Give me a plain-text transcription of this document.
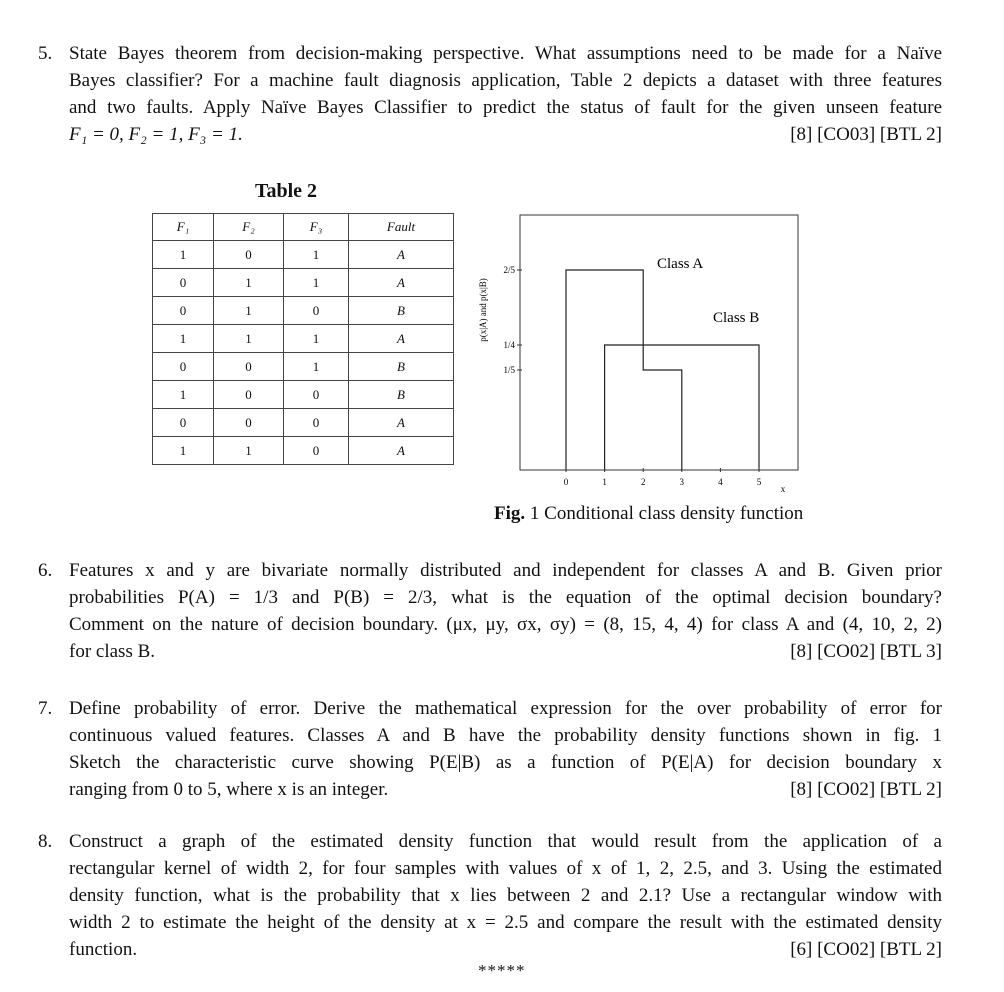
5. State Bayes theorem from decision-making perspective. What assumptions need to be made for a Naïve
Bayes classifier? For a machine fault diagnosis application, Table 2 depicts a dataset with three features
and two faults. Apply Naïve Bayes Classifier to predict the status of fault for the given unseen feature
F₁ = 0, F₂ = 1, F₃ = 1.	[8] [CO03] [BTL 2]
Table 2
F₁	F₂	F₃	Fault
1	0	1	A
0	1	1	A
0	1	0	B
1	1	1	A
0	0	1	B
1	0	0	B
0	0	0	A
1	1	0	A
2/5
1/4
1/5
0	1	2	3	4	5
x
p(x|A) and p(x|B)
Class A
Class B
Fig. 1 Conditional class density function
6. Features x and y are bivariate normally distributed and independent for classes A and B. Given prior
probabilities P(A) = 1/3 and P(B) = 2/3, what is the equation of the optimal decision boundary?
Comment on the nature of decision boundary. (μx, μy, σx, σy) = (8, 15, 4, 4) for class A and (4, 10, 2, 2)
for class B.	[8] [CO02] [BTL 3]
7. Define probability of error. Derive the mathematical expression for the over probability of error for
continuous valued features. Classes A and B have the probability density functions shown in fig. 1
Sketch the characteristic curve showing P(E|B) as a function of P(E|A) for decision boundary x
ranging from 0 to 5, where x is an integer.	[8] [CO02] [BTL 2]
8. Construct a graph of the estimated density function that would result from the application of a
rectangular kernel of width 2, for four samples with values of x of 1, 2, 2.5, and 3. Using the estimated
density function, what is the probability that x lies between 2 and 2.1? Use a rectangular window with
width 2 to estimate the height of the density at x = 2.5 and compare the result with the estimated density
function.	[6] [CO02] [BTL 2]
*****
